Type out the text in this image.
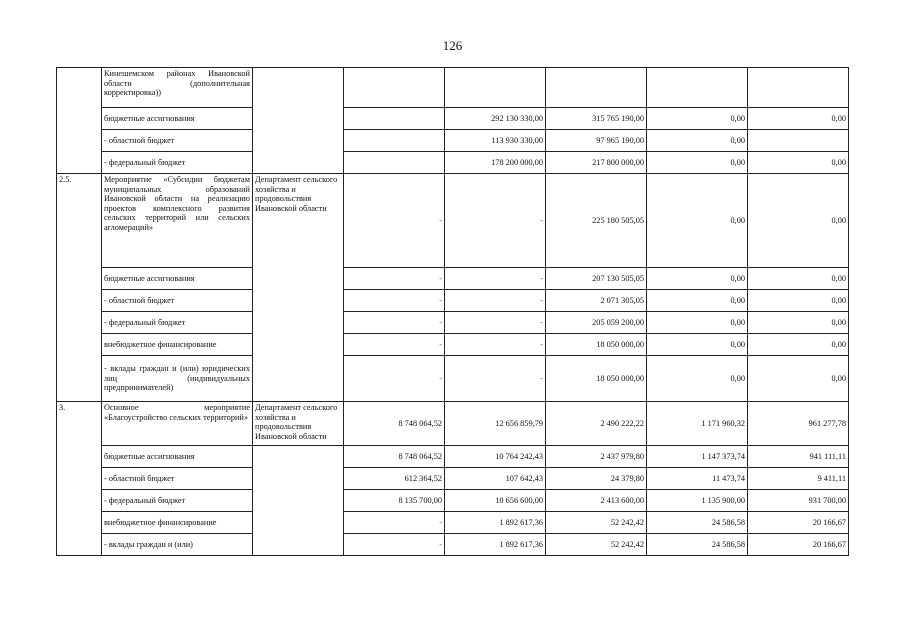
126
	Кинешемском районах Ивановской области (дополнительная корректировка))						
	бюджетные ассигнования			292 130 330,00	315 765 190,00	0,00	0,00
	- областной бюджет			113 930 330,00	97 965 190,00	0,00	
	- федеральный бюджет			178 200 000,00	217 800 000,00	0,00	0,00
2.5.	Мероприятие «Субсидии бюджетам муниципальных образований Ивановской области на реализацию проектов комплексного развития сельских территорий или сельских агломераций»	Департамент сельского хозяйства и продовольствия Ивановской области	-	-	225 180 505,05	0,00	0,00
	бюджетные ассигнования		-	-	207 130 505,05	0,00	0,00
	- областной бюджет		-	-	2 071 305,05	0,00	0,00
	- федеральный бюджет		-	-	205 059 200,00	0,00	0,00
	внебюджетное финансирование		-	-	18 050 000,00	0,00	0,00
	- вклады граждан и (или) юридических лиц (индивидуальных предпринимателей)		-	-	18 050 000,00	0,00	0,00
3.	Основное мероприятие «Благоустройство сельских территорий»	Департамент сельского хозяйства и продовольствия Ивановской области	8 748 064,52	12 656 859,79	2 490 222,22	1 171 960,32	961 277,78
	бюджетные ассигнования		8 748 064,52	10 764 242,43	2 437 979,80	1 147 373,74	941 111,11
	- областной бюджет		612 364,52	107 642,43	24 379,80	11 473,74	9 411,11
	- федеральный бюджет		8 135 700,00	10 656 600,00	2 413 600,00	1 135 900,00	931 700,00
	внебюджетное финансирование		-	1 892 617,36	52 242,42	24 586,58	20 166,67
	- вклады граждан и (или)		-	1 892 617,36	52 242,42	24 586,58	20 166,67
